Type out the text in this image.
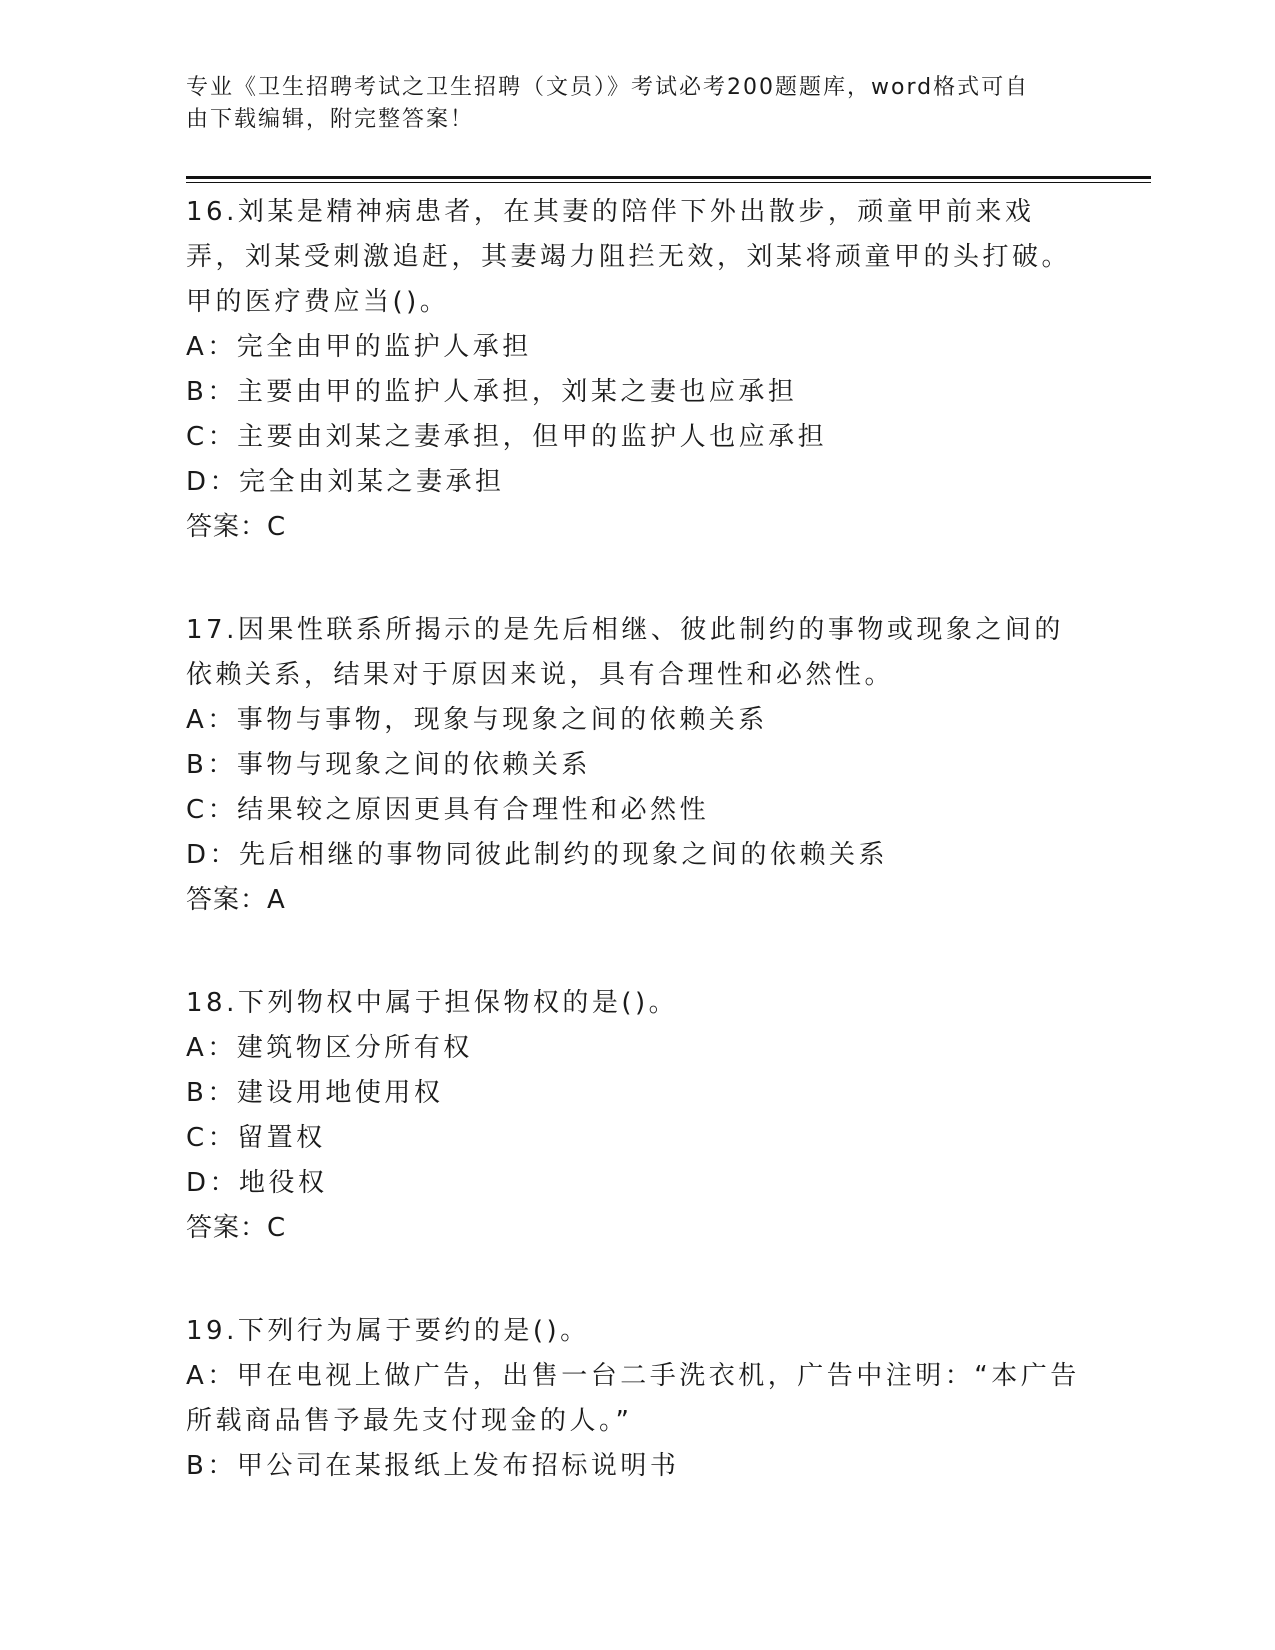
专业《卫生招聘考试之卫生招聘（文员）》考试必考200题题库，word格式可自
由下载编辑，附完整答案！

16.刘某是精神病患者，在其妻的陪伴下外出散步，顽童甲前来戏弄，刘某受刺激追赶，其妻竭力阻拦无效，刘某将顽童甲的头打破。甲的医疗费应当()。

A：完全由甲的监护人承担

B：主要由甲的监护人承担，刘某之妻也应承担

C：主要由刘某之妻承担，但甲的监护人也应承担

D：完全由刘某之妻承担

答案：C

17.因果性联系所揭示的是先后相继、彼此制约的事物或现象之间的依赖关系，结果对于原因来说，具有合理性和必然性。

A：事物与事物，现象与现象之间的依赖关系

B：事物与现象之间的依赖关系

C：结果较之原因更具有合理性和必然性

D：先后相继的事物同彼此制约的现象之间的依赖关系

答案：A

18.下列物权中属于担保物权的是()。

A：建筑物区分所有权

B：建设用地使用权

C：留置权

D：地役权

答案：C

19.下列行为属于要约的是()。

A：甲在电视上做广告，出售一台二手洗衣机，广告中注明：“本广告所载商品售予最先支付现金的人。”

B：甲公司在某报纸上发布招标说明书
